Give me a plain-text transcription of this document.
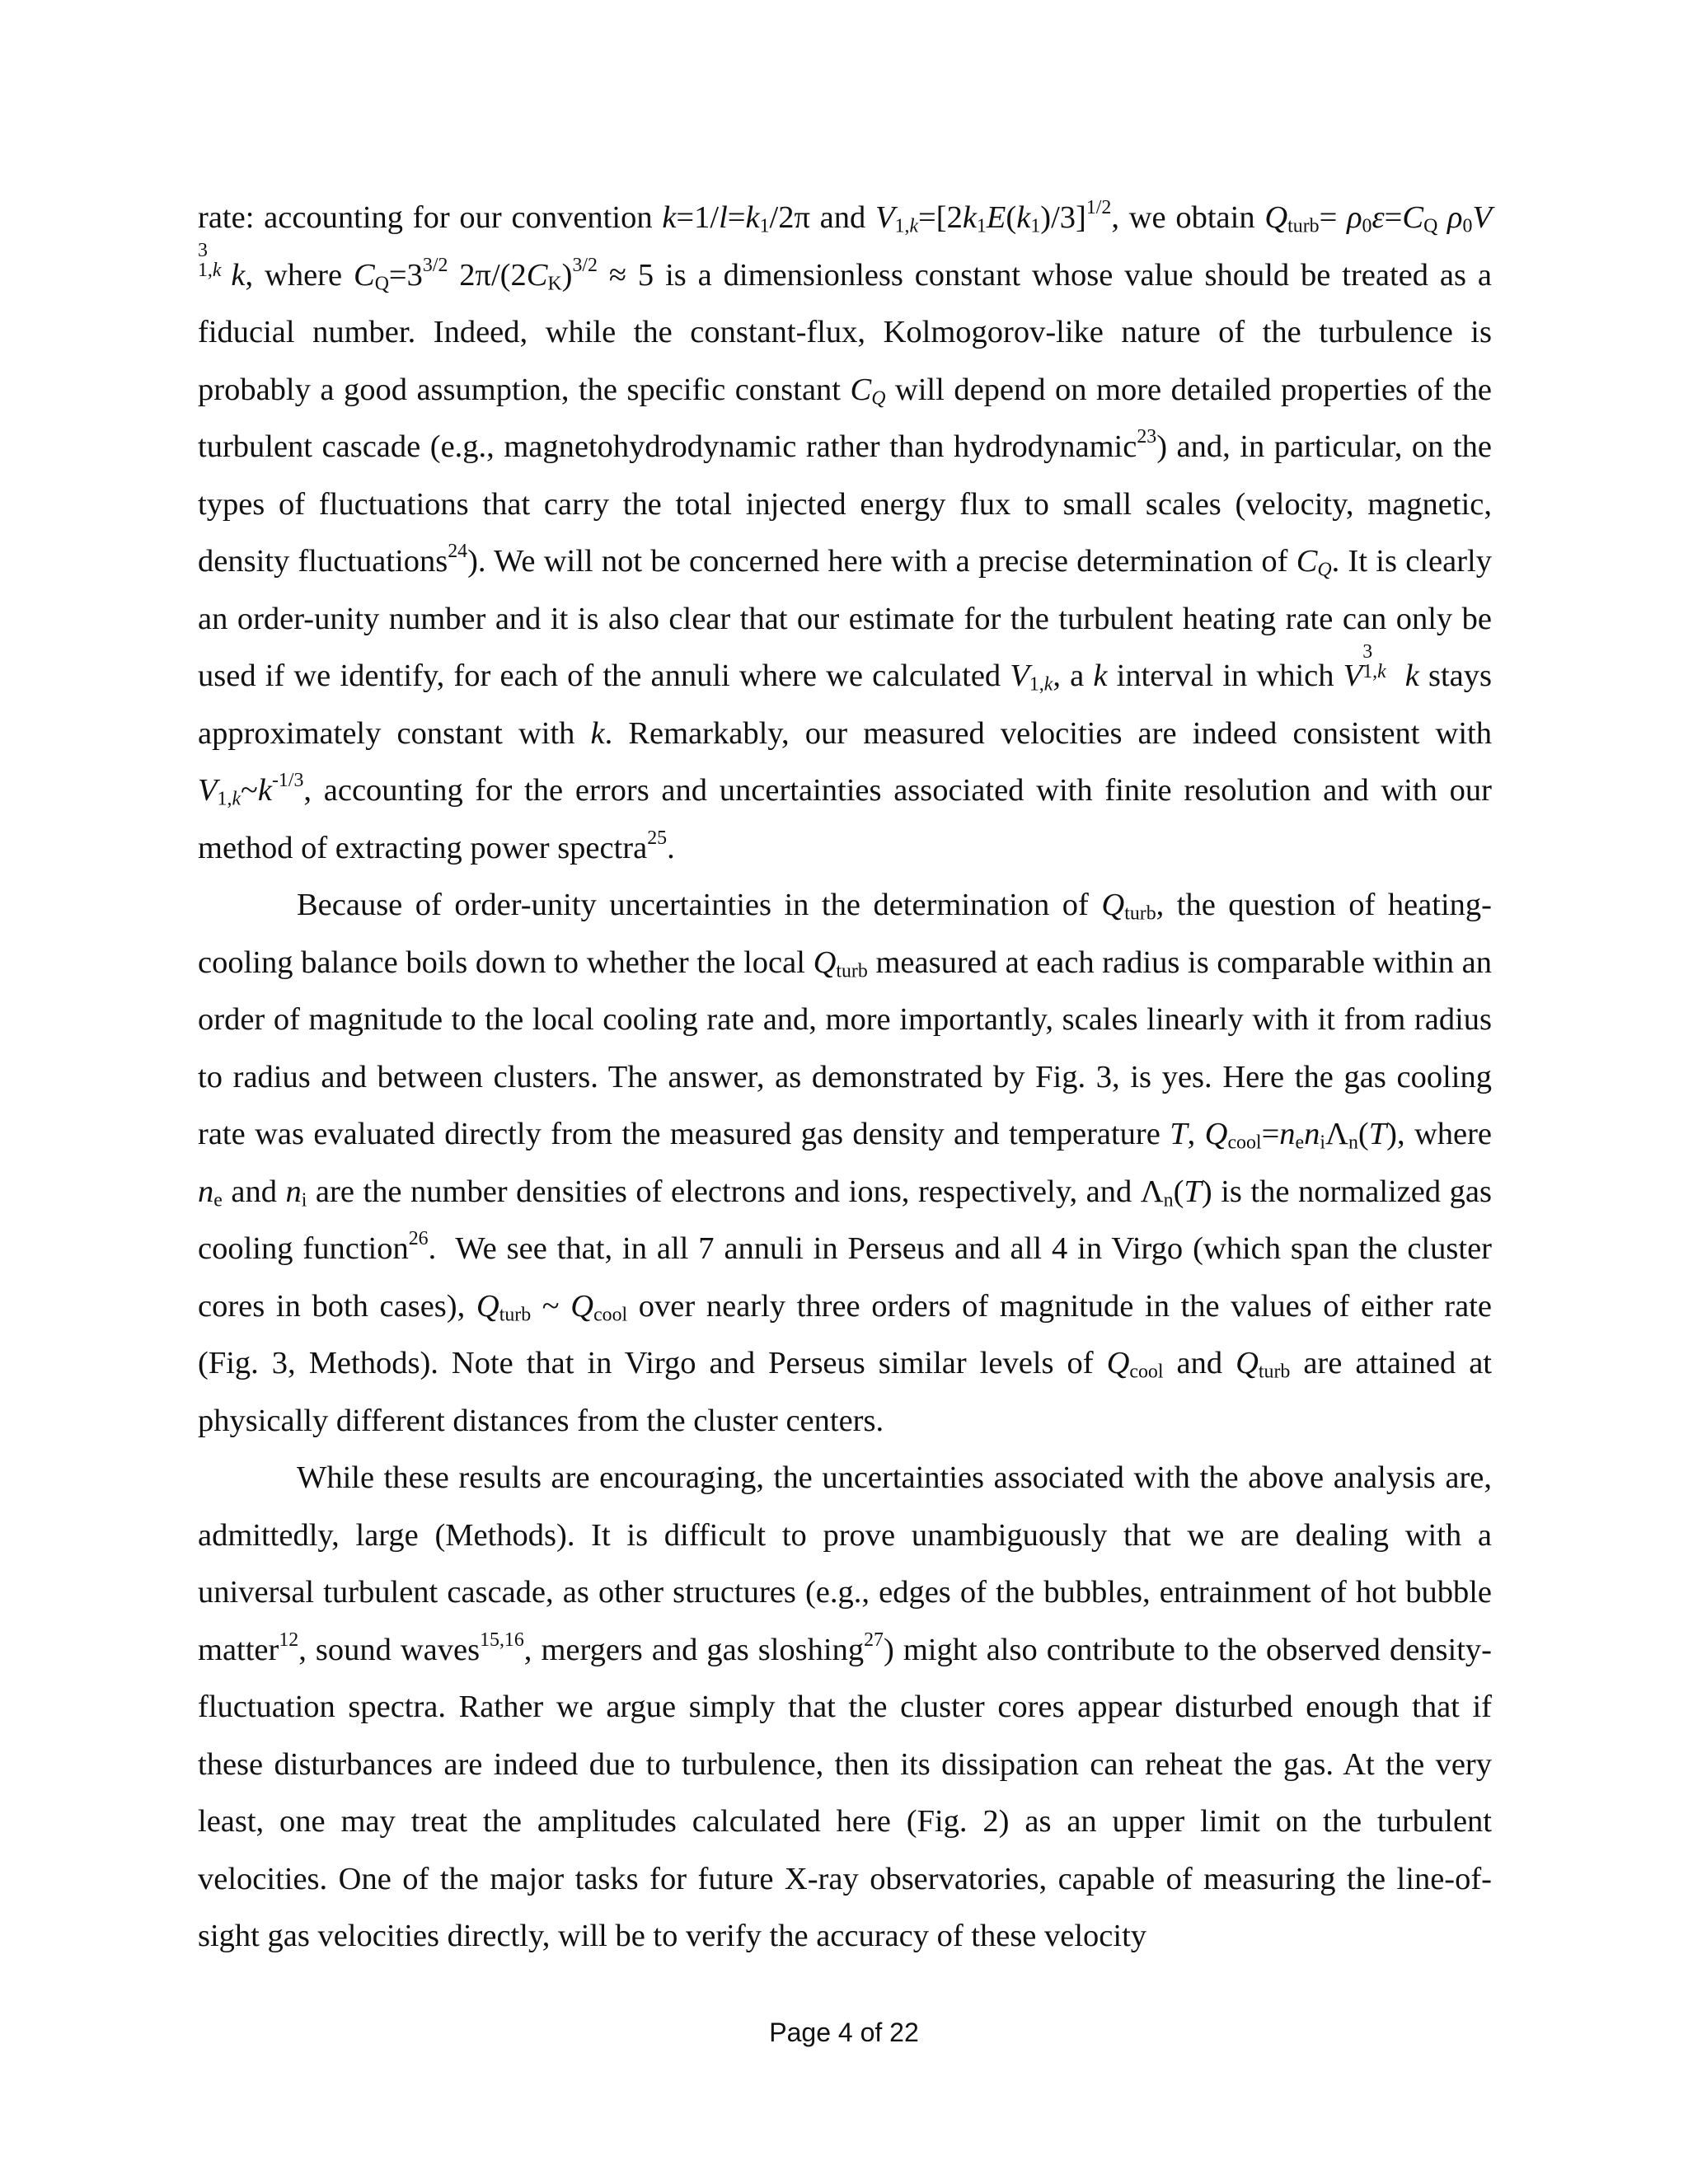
rate: accounting for our convention $k=1/l=k_1/2\pi$ and $V_{1,k}=[2k_1E(k_1)/3]^{1/2}$, we obtain $Q_{turb}= \rho_0\varepsilon=C_Q$ $\rho_0V$
3
1,k k, where $C_Q=3^{3/2}$ $2\pi/(2C_K)^{3/2} \approx 5$ is a dimensionless constant whose value should be treated as a fiducial number. Indeed, while the constant-flux, Kolmogorov-like nature of the turbulence is probably a good assumption, the specific constant $C_Q$ will depend on more detailed properties of the turbulent cascade (e.g., magnetohydrodynamic rather than hydrodynamic$^{23}$) and, in particular, on the types of fluctuations that carry the total injected energy flux to small scales (velocity, magnetic, density fluctuations$^{24}$). We will not be concerned here with a precise determination of $C_Q$. It is clearly an order-unity number and it is also clear that our estimate for the turbulent heating rate can only be used if we identify, for each of the annuli where we calculated $V_{1,k}$, a k interval in which V
3
1,k k stays approximately constant with k. Remarkably, our measured velocities are indeed consistent with $V_{1,k}\sim k^{-1/3}$, accounting for the errors and uncertainties associated with finite resolution and with our method of extracting power spectra$^{25}$.

Because of order-unity uncertainties in the determination of $Q_{turb}$, the question of heating-cooling balance boils down to whether the local $Q_{turb}$ measured at each radius is comparable within an order of magnitude to the local cooling rate and, more importantly, scales linearly with it from radius to radius and between clusters. The answer, as demonstrated by Fig. 3, is yes. Here the gas cooling rate was evaluated directly from the measured gas density and temperature T, $Q_{cool}=n_en_i\Lambda_n(T)$, where $n_e$ and $n_i$ are the number densities of electrons and ions, respectively, and $\Lambda_n(T)$ is the normalized gas cooling function$^{26}$.  We see that, in all 7 annuli in Perseus and all 4 in Virgo (which span the cluster cores in both cases), $Q_{turb}$ ~ $Q_{cool}$ over nearly three orders of magnitude in the values of either rate (Fig. 3, Methods). Note that in Virgo and Perseus similar levels of $Q_{cool}$ and $Q_{turb}$ are attained at physically different distances from the cluster centers.

While these results are encouraging, the uncertainties associated with the above analysis are, admittedly, large (Methods). It is difficult to prove unambiguously that we are dealing with a universal turbulent cascade, as other structures (e.g., edges of the bubbles, entrainment of hot bubble matter$^{12}$, sound waves$^{15,16}$, mergers and gas sloshing$^{27}$) might also contribute to the observed density-fluctuation spectra. Rather we argue simply that the cluster cores appear disturbed enough that if these disturbances are indeed due to turbulence, then its dissipation can reheat the gas. At the very least, one may treat the amplitudes calculated here (Fig. 2) as an upper limit on the turbulent velocities. One of the major tasks for future X-ray observatories, capable of measuring the line-of-sight gas velocities directly, will be to verify the accuracy of these velocity

Page 4 of 22
